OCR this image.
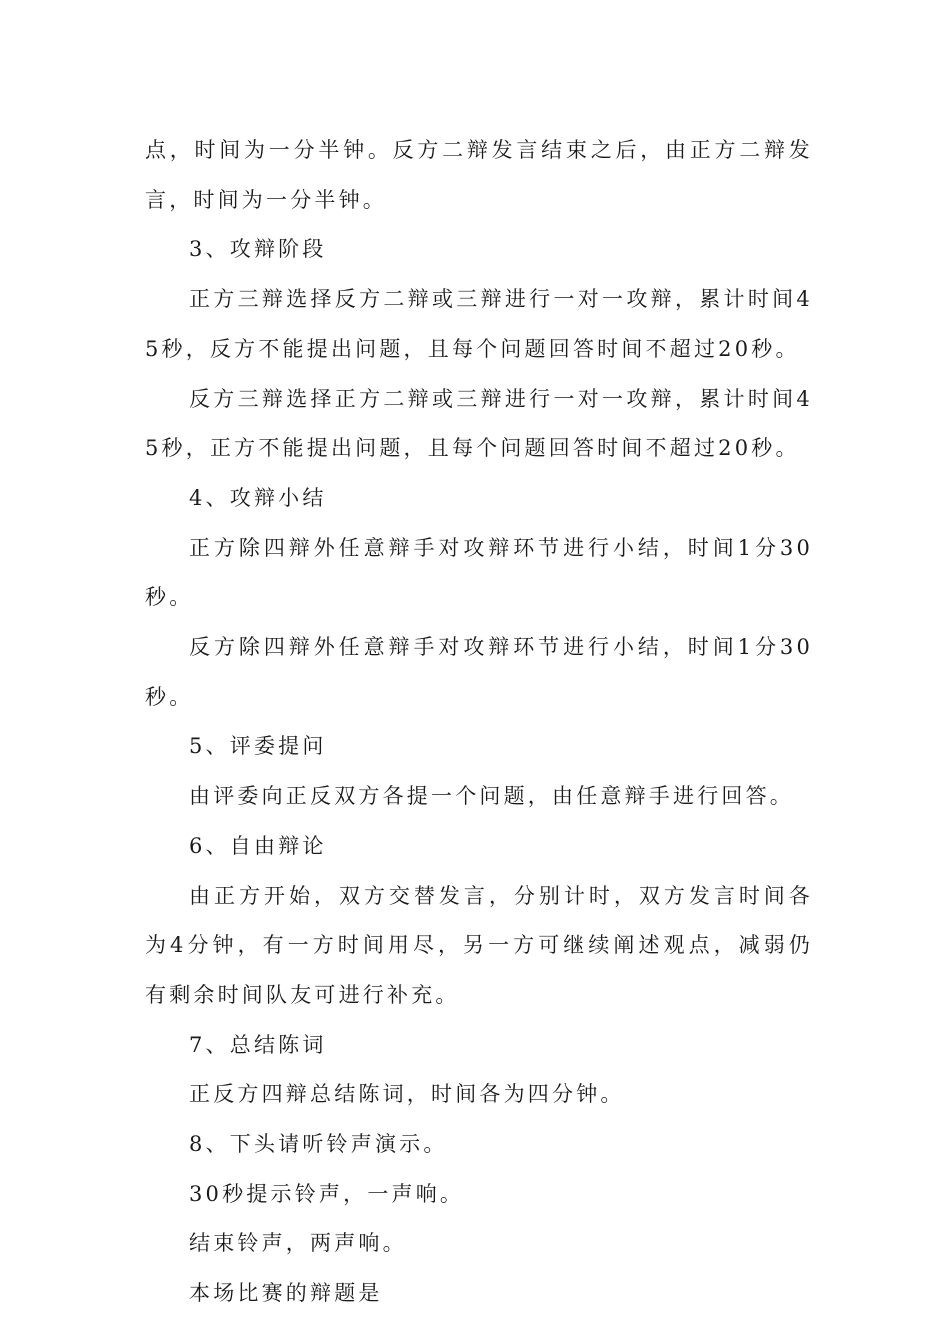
点，时间为一分半钟。反方二辩发言结束之后，由正方二辩发言，时间为一分半钟。

3、攻辩阶段

正方三辩选择反方二辩或三辩进行一对一攻辩，累计时间45秒，反方不能提出问题，且每个问题回答时间不超过20秒。

反方三辩选择正方二辩或三辩进行一对一攻辩，累计时间45秒，正方不能提出问题，且每个问题回答时间不超过20秒。

4、攻辩小结

正方除四辩外任意辩手对攻辩环节进行小结，时间1分30秒。

反方除四辩外任意辩手对攻辩环节进行小结，时间1分30秒。

5、评委提问

由评委向正反双方各提一个问题，由任意辩手进行回答。

6、自由辩论

由正方开始，双方交替发言，分别计时，双方发言时间各为4分钟，有一方时间用尽，另一方可继续阐述观点，减弱仍有剩余时间队友可进行补充。

7、总结陈词

正反方四辩总结陈词，时间各为四分钟。

8、下头请听铃声演示。

30秒提示铃声，一声响。

结束铃声，两声响。

本场比赛的辩题是
